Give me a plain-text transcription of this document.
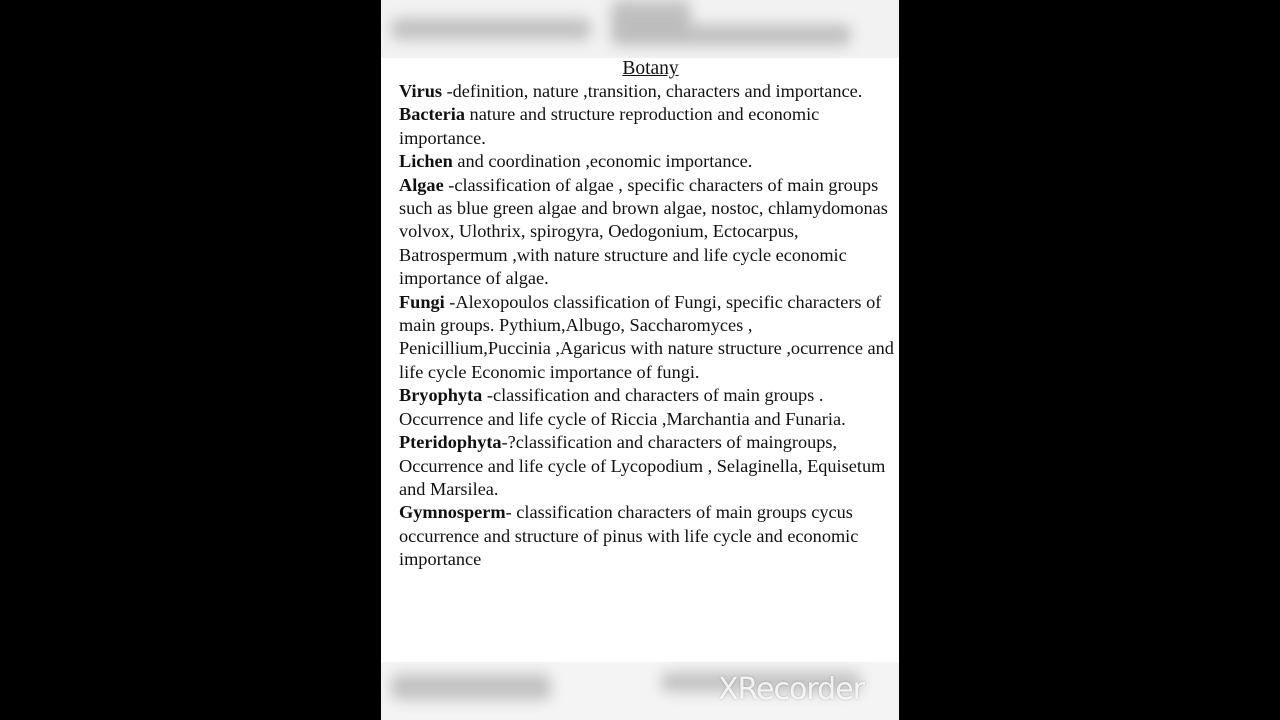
Botany

Virus -definition, nature ,transition, characters and importance.

Bacteria nature and structure reproduction and economic importance.

Lichen and coordination ,economic importance.

Algae -classification of algae , specific characters of main groups such as blue green algae and brown algae, nostoc, chlamydomonas volvox, Ulothrix, spirogyra, Oedogonium, Ectocarpus, Batrospermum ,with nature structure and life cycle economic importance of algae.

Fungi -Alexopoulos classification of Fungi, specific characters of main groups. Pythium,Albugo, Saccharomyces , Penicillium,Puccinia ,Agaricus with nature structure ,ocurrence and life cycle Economic importance of fungi.

Bryophyta -classification and characters of main groups . Occurrence and life cycle of Riccia ,Marchantia and Funaria.

Pteridophyta-?classification and characters of maingroups, Occurrence and life cycle of Lycopodium , Selaginella, Equisetum and Marsilea.

Gymnosperm- classification characters of main groups cycus occurrence and structure of pinus with life cycle and economic importance

XRecorder
